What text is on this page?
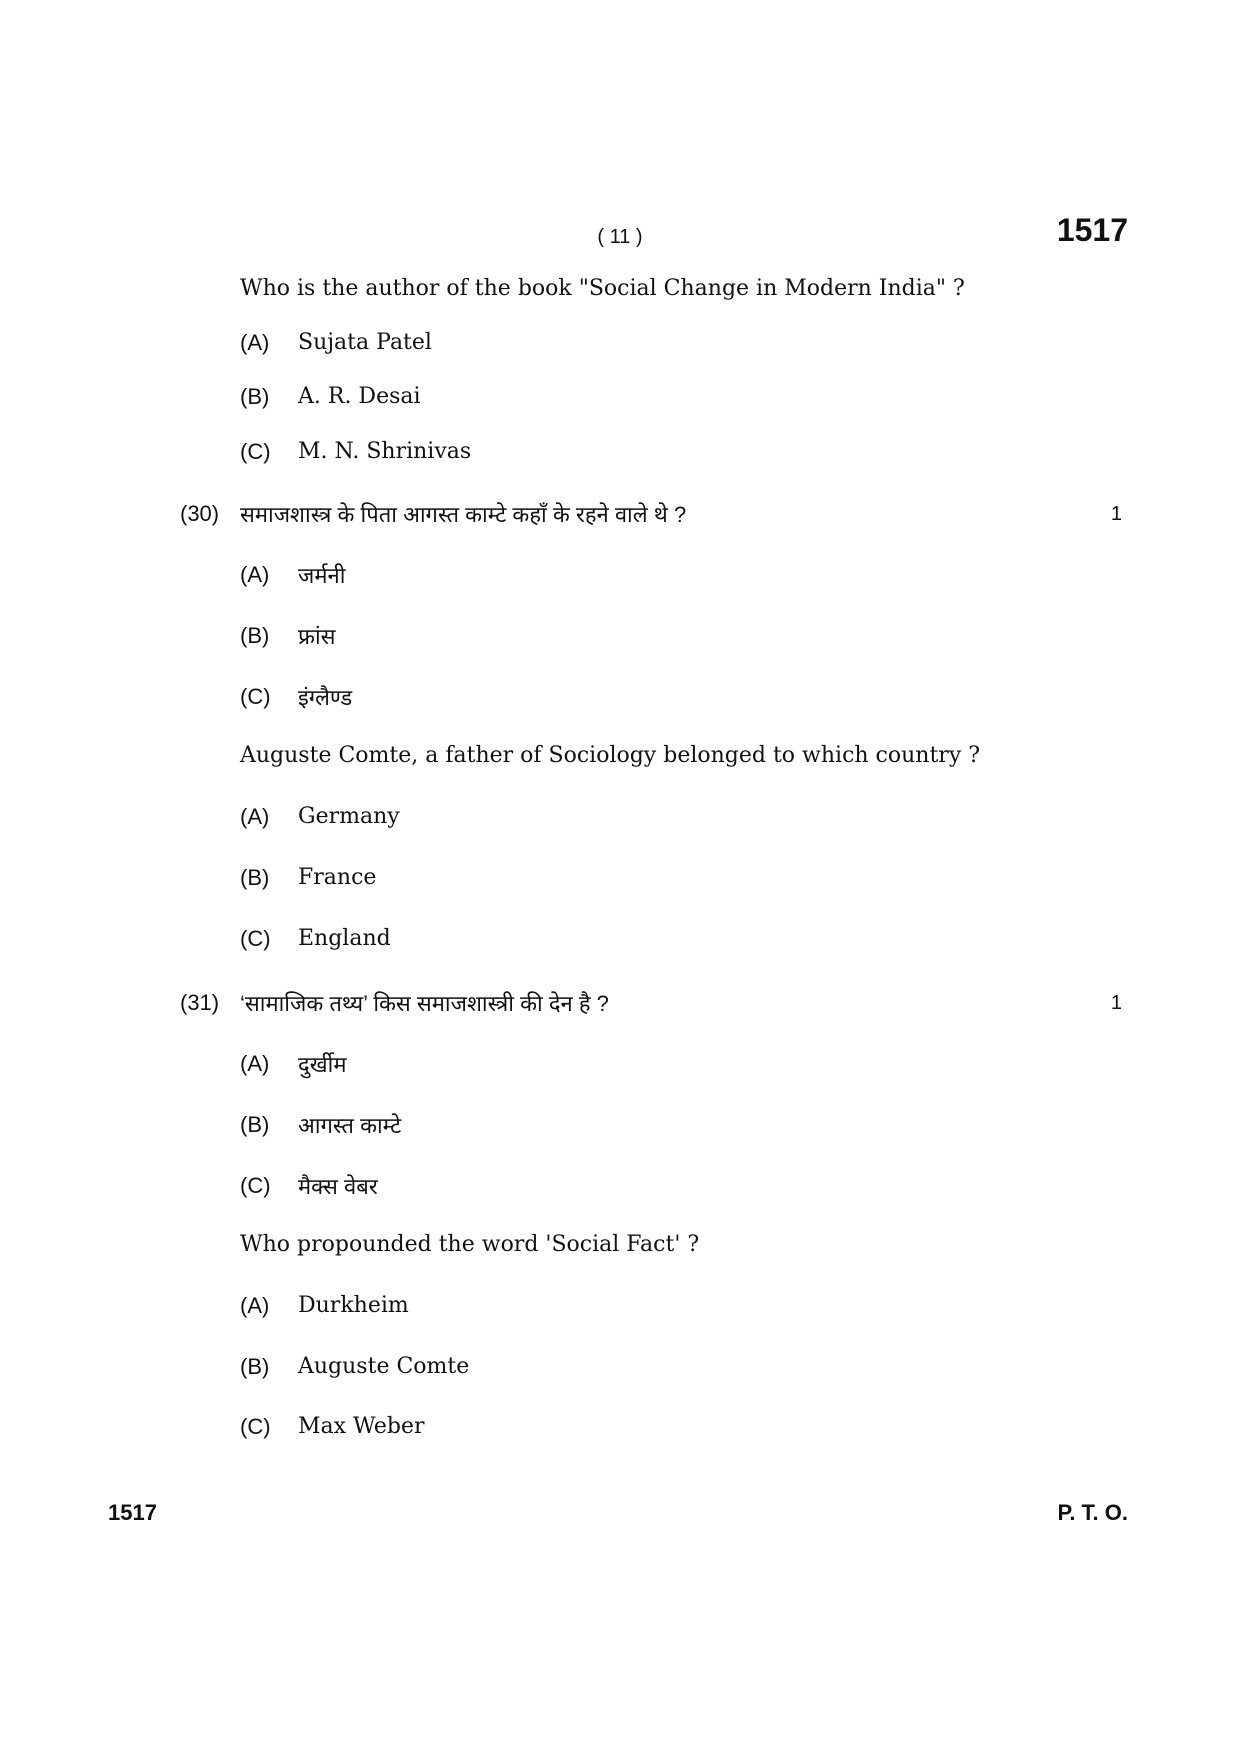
( 11 )	1517
Who is the author of the book "Social Change in Modern India" ?
(A) Sujata Patel
(B) A. R. Desai
(C) M. N. Shrinivas
(30) समाजशास्त्र के पिता आगस्त काम्टे कहाँ के रहने वाले थे ?	1
(A) जर्मनी
(B) फ्रांस
(C) इंग्लैण्ड
Auguste Comte, a father of Sociology belonged to which country ?
(A) Germany
(B) France
(C) England
(31) ‘सामाजिक तथ्य’ किस समाजशास्त्री की देन है ?	1
(A) दुर्खीम
(B) आगस्त काम्टे
(C) मैक्स वेबर
Who propounded the word 'Social Fact' ?
(A) Durkheim
(B) Auguste Comte
(C) Max Weber
1517	P. T. O.
